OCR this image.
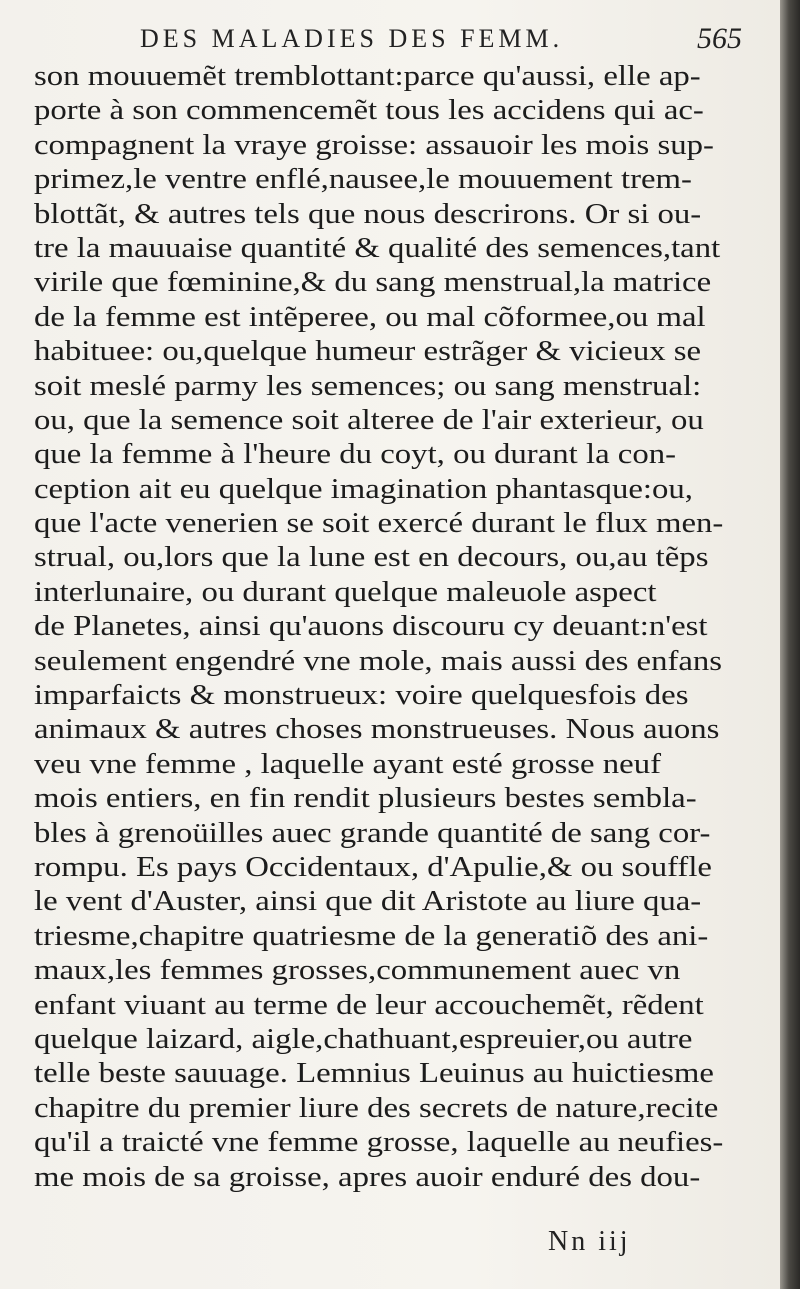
DES MALADIES DES FEMM.	565
son mouuemẽt tremblottant:parce qu'aussi, elle ap-
porte à son commencemẽt tous les accidens qui ac-
compagnent la vraye groisse: assauoir les mois sup-
primez,le ventre enflé,nausee,le mouuement trem-
blottãt, & autres tels que nous descrirons. Or si ou-
tre la mauuaise quantité & qualité des semences,tant
virile que fœminine,& du sang menstrual,la matrice
de la femme est intẽperee, ou mal cõformee,ou mal
habituee: ou,quelque humeur estrãger & vicieux se
soit meslé parmy les semences; ou sang menstrual:
ou, que la semence soit alteree de l'air exterieur, ou
que la femme à l'heure du coyt, ou durant la con-
ception ait eu quelque imagination phantasque:ou,
que l'acte venerien se soit exercé durant le flux men-
strual, ou,lors que la lune est en decours, ou,au tẽps
interlunaire, ou durant quelque maleuole aspect
de Planetes, ainsi qu'auons discouru cy deuant:n'est
seulement engendré vne mole, mais aussi des enfans
imparfaicts & monstrueux: voire quelquesfois des
animaux & autres choses monstrueuses. Nous auons
veu vne femme , laquelle ayant esté grosse neuf
mois entiers, en fin rendit plusieurs bestes sembla-
bles à grenoüilles auec grande quantité de sang cor-
rompu. Es pays Occidentaux, d'Apulie,& ou souffle
le vent d'Auster, ainsi que dit Aristote au liure qua-
triesme,chapitre quatriesme de la generatiõ des ani-
maux,les femmes grosses,communement auec vn
enfant viuant au terme de leur accouchemẽt, rẽdent
quelque laizard, aigle,chathuant,espreuier,ou autre
telle beste sauuage. Lemnius Leuinus au huictiesme
chapitre du premier liure des secrets de nature,recite
qu'il a traicté vne femme grosse, laquelle au neufies-
me mois de sa groisse, apres auoir enduré des dou-
Nn iij
